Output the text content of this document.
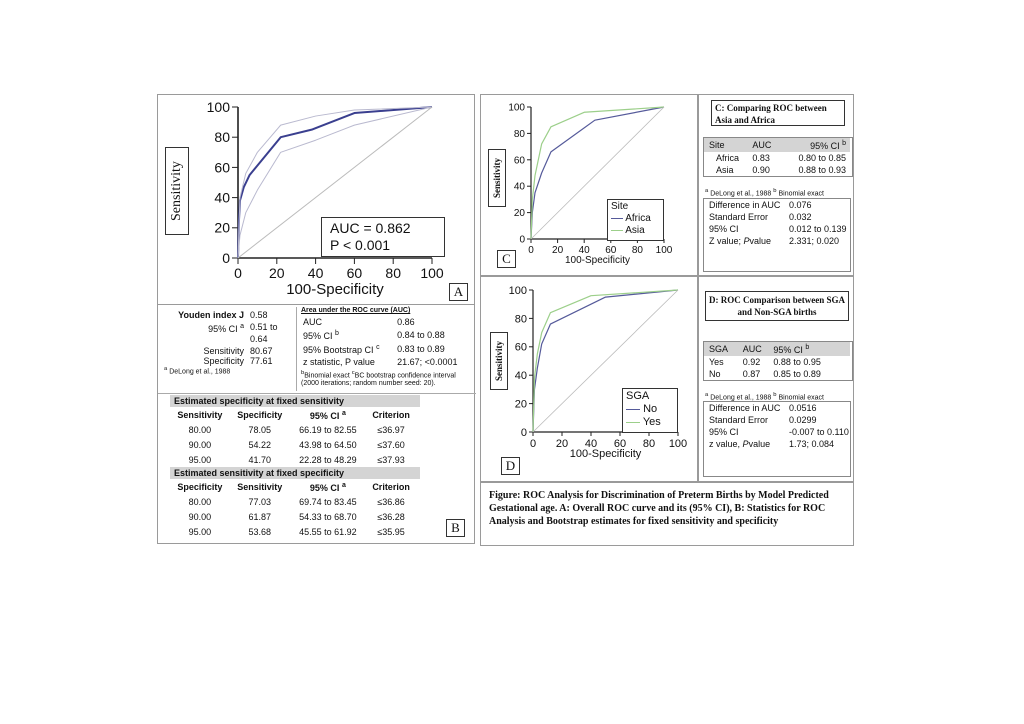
0 20 40 60 80 100
0
20
40
60
80
100
100-Specificity
Sensitivity
AUC = 0.862
P < 0.001
A
Youden index J	0.58
95% CI $^a$	0.51 to 0.64
Sensitivity	80.67
Specificity	77.61
$^a$ DeLong et al., 1988
Area under the ROC curve (AUC)
AUC	0.86
95% CI $^b$	0.84 to 0.88
95% Bootstrap CI $^c$	0.83 to 0.89
z statistic, P value	21.67; <0.0001
$^b$Binomial exact $^c$BC bootstrap confidence interval
(2000 iterations; random number seed: 20).
Estimated specificity at fixed sensitivity
Sensitivity	Specificity	95% CI $^a$	Criterion
80.00	78.05	66.19 to 82.55	≤36.97
90.00	54.22	43.98 to 64.50	≤37.60
95.00	41.70	22.28 to 48.29	≤37.93
Estimated sensitivity at fixed specificity
Specificity	Sensitivity	95% CI $^a$	Criterion
80.00	77.03	69.74 to 83.45	≤36.86
90.00	61.87	54.33 to 68.70	≤36.28
95.00	53.68	45.55 to 61.92	≤35.95	B
0 20 40 60 80 100
0
20
40
60
80
100
100-Specificity
Sensitivity
Site
Africa
Asia
C
C: Comparing ROC between Asia and Africa
Site	AUC	95% CI $^b$
Africa	0.83	0.80 to 0.85
Asia	0.90	0.88 to 0.93
$^a$ DeLong et al., 1988 $^b$ Binomial exact
Difference in AUC	0.076
Standard Error	0.032
95% CI	0.012 to 0.139
Z value; Pvalue	2.331; 0.020
0 20 40 60 80 100
0
20
40
60
80
100
100-Specificity
Sensitivity
SGA
No
Yes
D
D: ROC Comparison between SGA and Non-SGA births
SGA	AUC	95% CI $^b$
Yes	0.92	0.88 to 0.95
No	0.87	0.85 to 0.89
$^a$ DeLong et al., 1988 $^b$ Binomial exact
Difference in AUC	0.0516
Standard Error	0.0299
95% CI	-0.007 to 0.110
z value, Pvalue	1.73; 0.084
Figure: ROC Analysis for Discrimination of Preterm Births by Model Predicted Gestational age. A: Overall ROC curve and its (95% CI), B: Statistics for ROC Analysis and Bootstrap estimates for fixed sensitivity and specificity
